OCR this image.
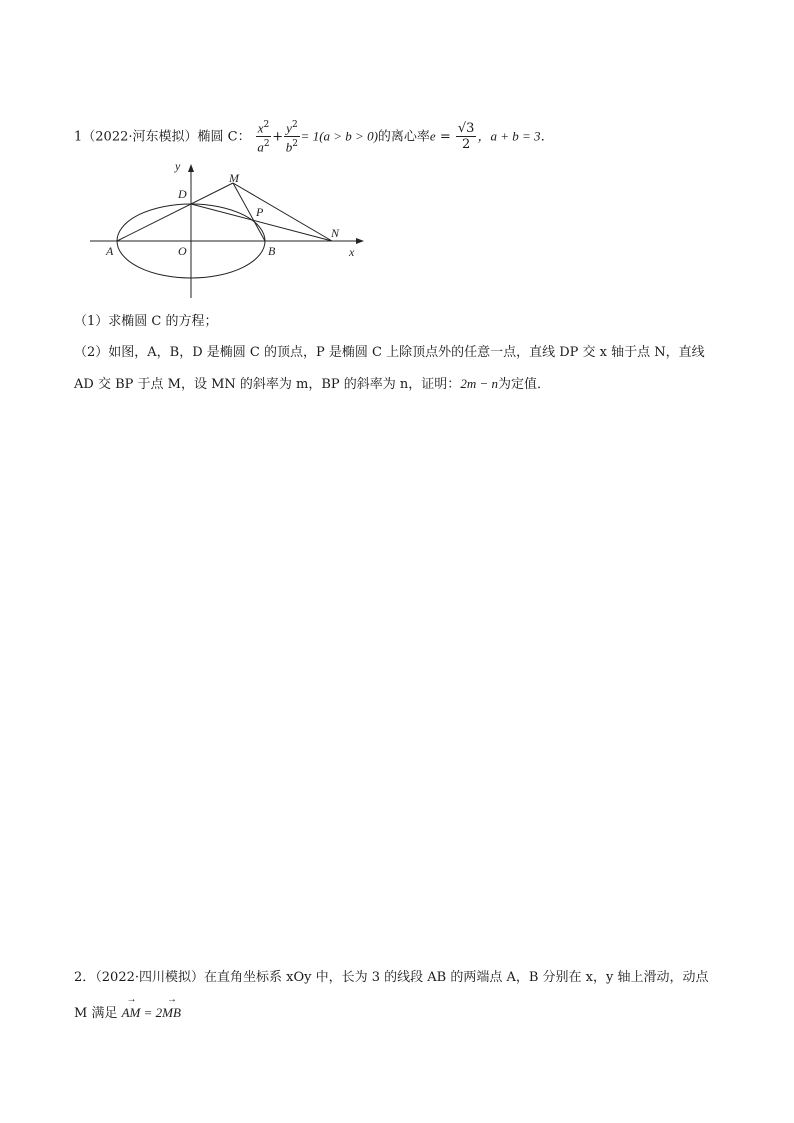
1（2022·河东模拟）椭圆 C： $\frac{x^2}{a^2} + \frac{y^2}{b^2} = 1(a > b > 0)$的离心率$e = \frac{√3}{2}$ ，a + b = 3．
y
D
M
P
N
A	O	B	x
（1）求椭圆 C 的方程；
（2）如图，A，B，D 是椭圆 C 的顶点，P 是椭圆 C 上除顶点外的任意一点，直线 DP 交 x 轴于点 N，直线
AD 交 BP 于点 M，设 MN 的斜率为 m，BP 的斜率为 n，证明：2m − n为定值．
2．（2022·四川模拟）在直角坐标系 xOy 中，长为 3 的线段 AB 的两端点 A，B 分别在 x，y 轴上滑动，动点
M 满足 → AM = 2→ MB
